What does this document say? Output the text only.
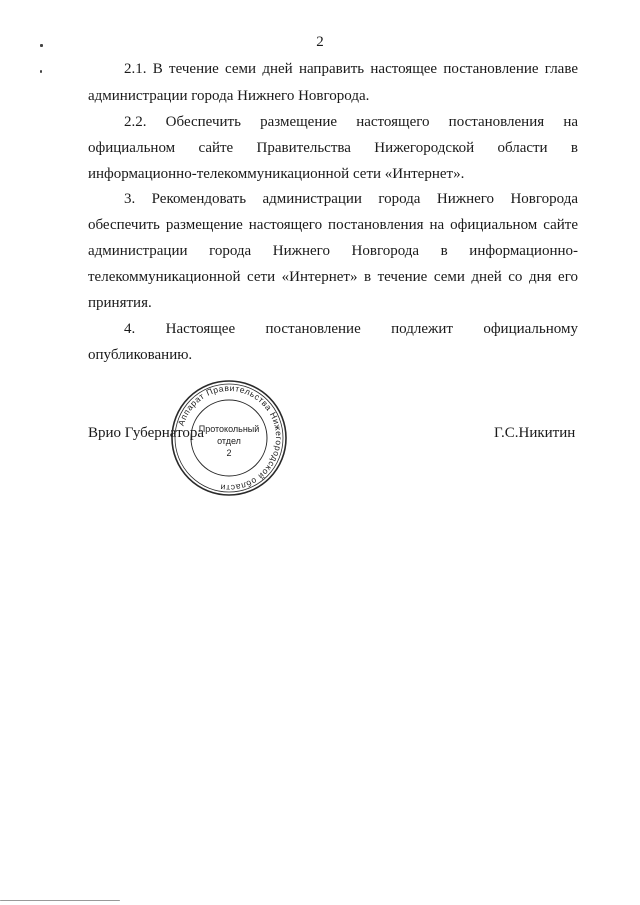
2
2.1. В течение семи дней направить настоящее постановление главе
администрации города Нижнего Новгорода.
2.2. Обеспечить размещение настоящего постановления на
официальном сайте Правительства Нижегородской области в
информационно-телекоммуникационной сети «Интернет».
3. Рекомендовать администрации города Нижнего Новгорода
обеспечить размещение настоящего постановления на официальном сайте
администрации города Нижнего Новгорода в информационно-
телекоммуникационной сети «Интернет» в течение семи дней со дня его
принятия.
4. Настоящее постановление подлежит официальному
опубликованию.
Врио Губернатора	Г.С.Никитин
Аппарат Правительства Нижегородской области
Протокольный
отдел
2
